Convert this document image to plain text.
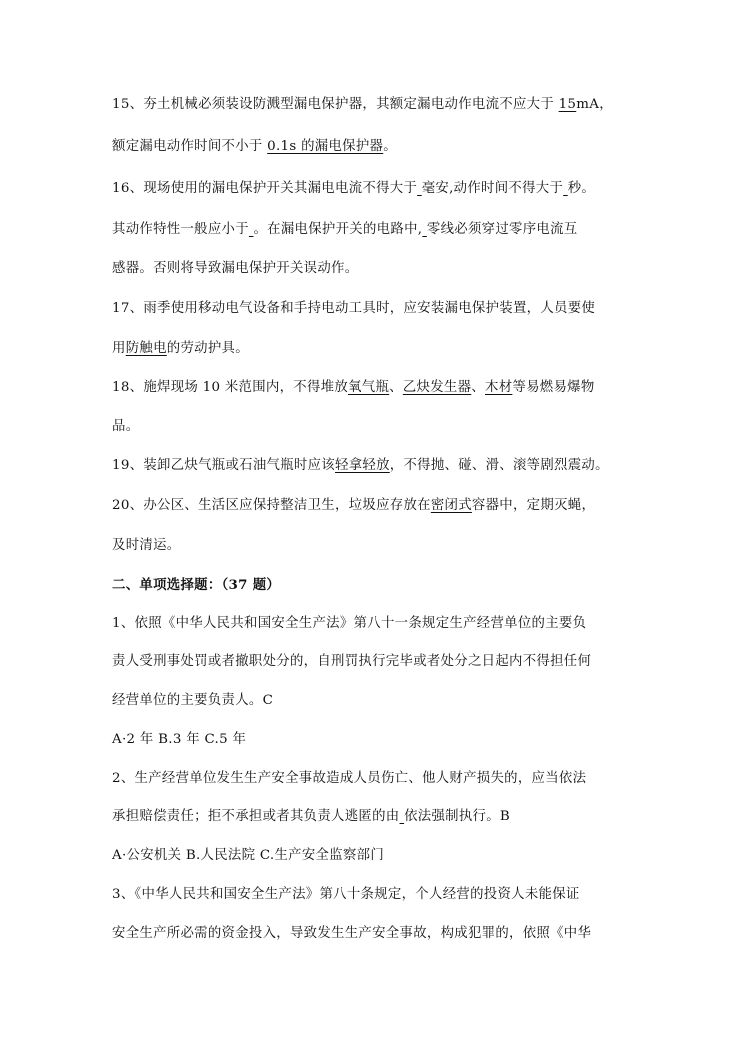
15、夯土机械必须装设防溅型漏电保护器，其额定漏电动作电流不应大于 15mA，
额定漏电动作时间不小于 0.1s 的漏电保护器。
16、现场使用的漏电保护开关其漏电电流不得大于 毫安,动作时间不得大于 秒。
其动作特性一般应小于 。在漏电保护开关的电路中, 零线必须穿过零序电流互
感器。否则将导致漏电保护开关误动作。
17、雨季使用移动电气设备和手持电动工具时，应安装漏电保护装置，人员要使
用防触电的劳动护具。
18、施焊现场 10 米范围内，不得堆放氧气瓶、乙炔发生器、木材等易燃易爆物
品。
19、装卸乙炔气瓶或石油气瓶时应该轻拿轻放，不得抛、碰、滑、滚等剧烈震动。
20、办公区、生活区应保持整洁卫生，垃圾应存放在密闭式容器中，定期灭蝇，
及时清运。
二、单项选择题：（37 题）
1、依照《中华人民共和国安全生产法》第八十一条规定生产经营单位的主要负
责人受刑事处罚或者撤职处分的，自刑罚执行完毕或者处分之日起内不得担任何
经营单位的主要负责人。C
A·2 年 B.3 年 C.5 年
2、生产经营单位发生生产安全事故造成人员伤亡、他人财产损失的，应当依法
承担赔偿责任；拒不承担或者其负责人逃匿的由 依法强制执行。B
A·公安机关 B.人民法院 C.生产安全监察部门
3、《中华人民共和国安全生产法》第八十条规定，个人经营的投资人未能保证
安全生产所必需的资金投入，导致发生生产安全事故，构成犯罪的，依照《中华
